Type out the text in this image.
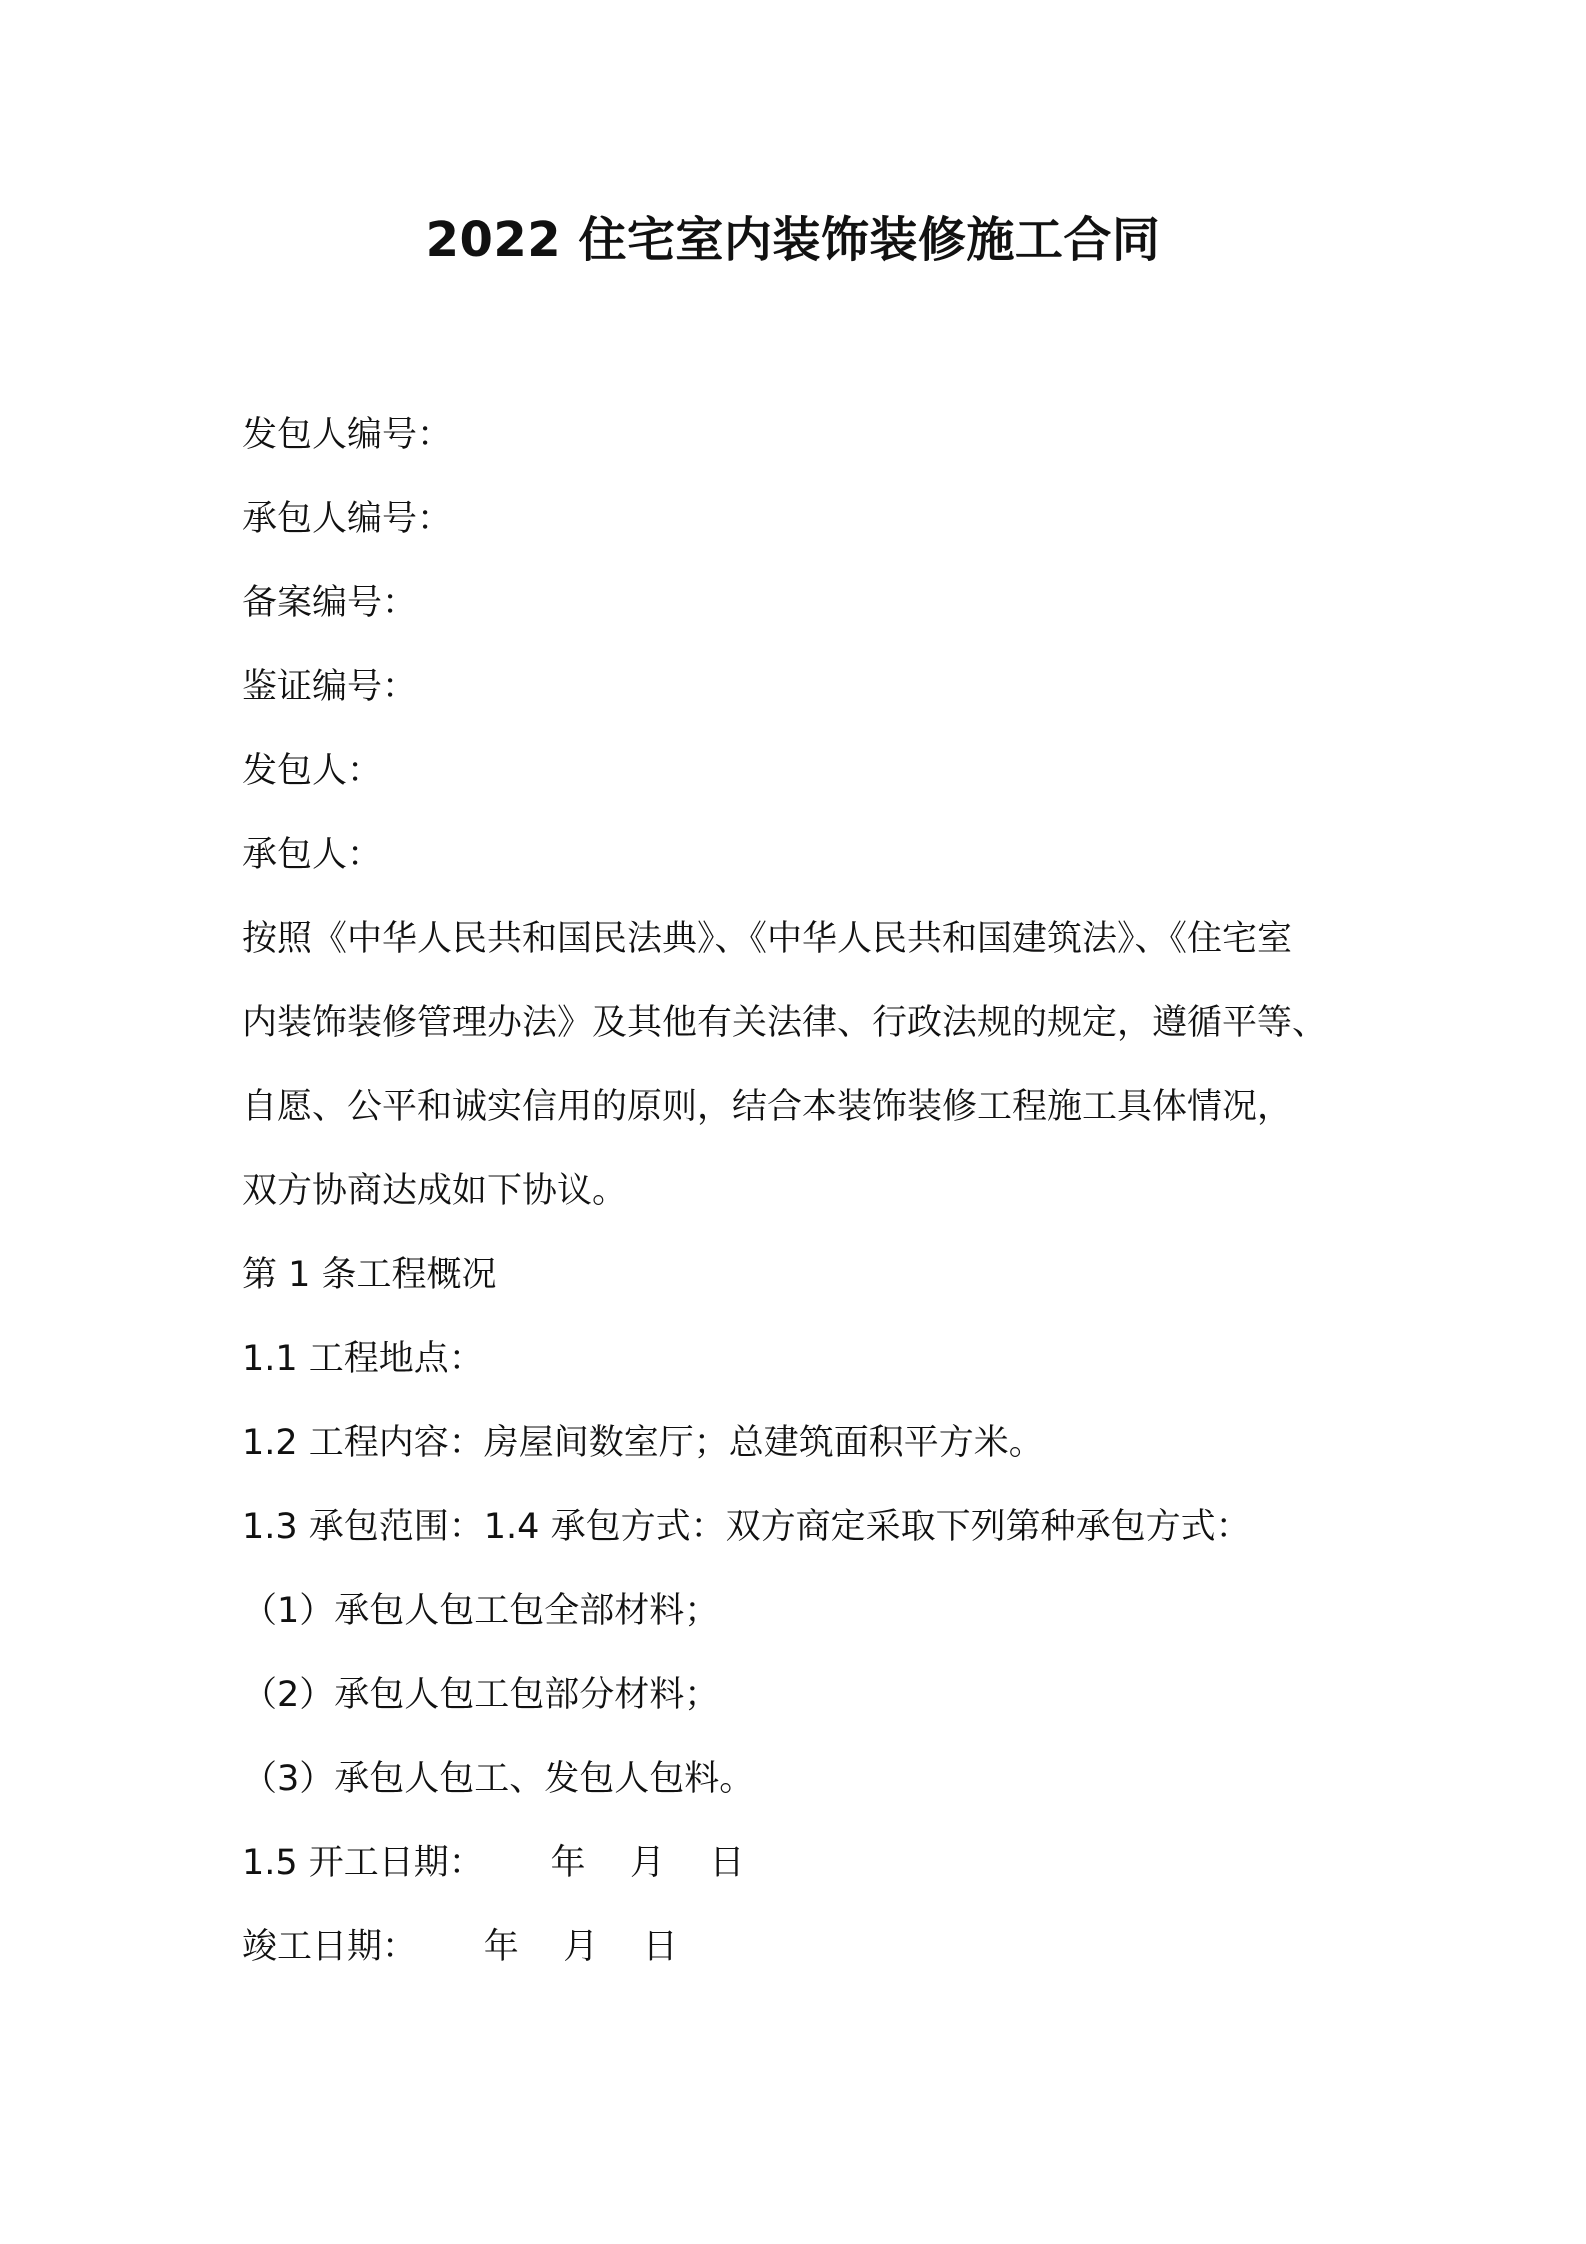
2022 住宅室内装饰装修施工合同
发包人编号：
承包人编号：
备案编号：
鉴证编号：
发包人：
承包人：
按照《中华人民共和国民法典》、《中华人民共和国建筑法》、《住宅室
内装饰装修管理办法》及其他有关法律、行政法规的规定，遵循平等、
自愿、公平和诚实信用的原则，结合本装饰装修工程施工具体情况，
双方协商达成如下协议。
第 1 条工程概况
1.1 工程地点：
1.2 工程内容：房屋间数室厅；总建筑面积平方米。
1.3 承包范围：1.4 承包方式：双方商定采取下列第种承包方式：
（1）承包人包工包全部材料；
（2）承包人包工包部分材料；
（3）承包人包工、发包人包料。
1.5 开工日期：      年    月    日
竣工日期：      年    月    日
